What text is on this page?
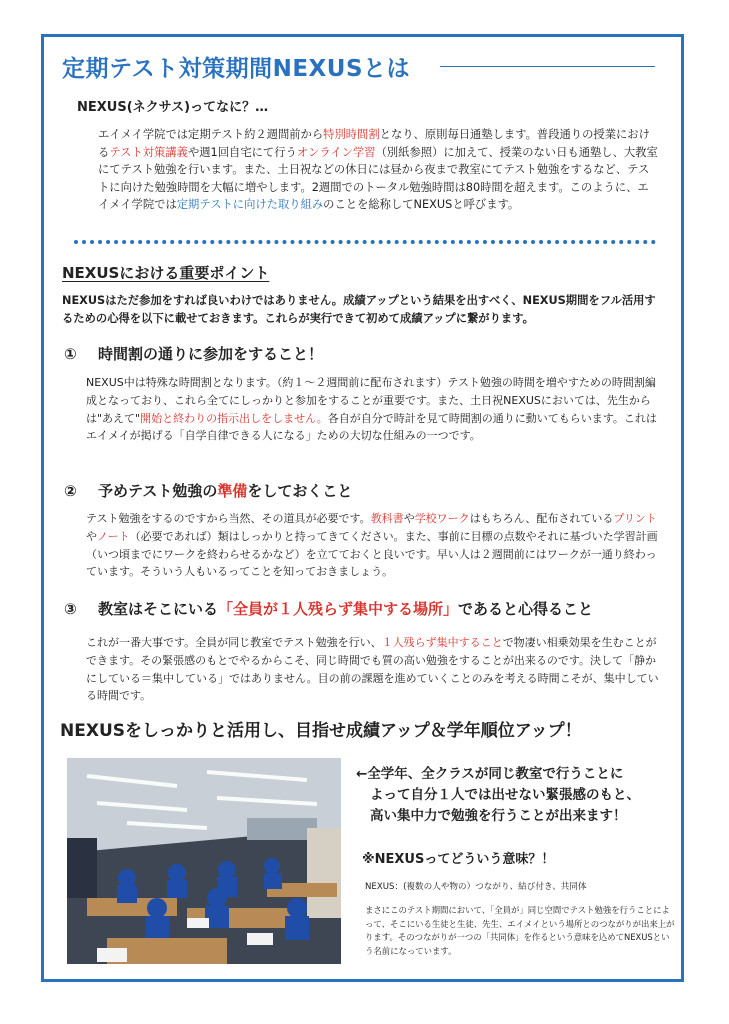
定期テスト対策期間NEXUSとは
NEXUS(ネクサス)ってなに？…
エイメイ学院では定期テスト約２週間前から特別時間割となり、原則毎日通塾します。普段通りの授業におけるテスト対策講義や週1回自宅にて行うオンライン学習（別紙参照）に加えて、授業のない日も通塾し、大教室にてテスト勉強を行います。また、土日祝などの休日には昼から夜まで教室にてテスト勉強をするなど、テストに向けた勉強時間を大幅に増やします。2週間でのトータル勉強時間は80時間を超えます。このように、エイメイ学院では定期テストに向けた取り組みのことを総称してNEXUSと呼びます。
NEXUSにおける重要ポイント
NEXUSはただ参加をすれば良いわけではありません。成績アップという結果を出すべく、NEXUS期間をフル活用するための心得を以下に載せておきます。これらが実行できて初めて成績アップに繋がります。
① 時間割の通りに参加をすること！
NEXUS中は特殊な時間割となります。（約１～２週間前に配布されます）テスト勉強の時間を増やすための時間割編成となっており、これら全てにしっかりと参加をすることが重要です。また、土日祝NEXUSにおいては、先生からは"あえて"開始と終わりの指示出しをしません。各自が自分で時計を見て時間割の通りに動いてもらいます。これはエイメイが掲げる「自学自律できる人になる」ための大切な仕組みの一つです。
② 予めテスト勉強の準備をしておくこと
テスト勉強をするのですから当然、その道具が必要です。教科書や学校ワークはもちろん、配布されているプリントやノート（必要であれば）類はしっかりと持ってきてください。また、事前に目標の点数やそれに基づいた学習計画（いつ頃までにワークを終わらせるかなど）を立てておくと良いです。早い人は２週間前にはワークが一通り終わっています。そういう人もいるってことを知っておきましょう。
③ 教室はそこにいる「全員が１人残らず集中する場所」であると心得ること
これが一番大事です。全員が同じ教室でテスト勉強を行い、１人残らず集中することで物凄い相乗効果を生むことができます。その緊張感のもとでやるからこそ、同じ時間でも質の高い勉強をすることが出来るのです。決して「静かにしている＝集中している」ではありません。目の前の課題を進めていくことのみを考える時間こそが、集中している時間です。
NEXUSをしっかりと活用し、目指せ成績アップ＆学年順位アップ！
←全学年、全クラスが同じ教室で行うことに
よって自分１人では出せない緊張感のもと、
高い集中力で勉強を行うことが出来ます！
※NEXUSってどういう意味？！
NEXUS：(複数の人や物の）つながり、結び付き、共同体
まさにこのテスト期間において、「全員が」同じ空間でテスト勉強を行うことによって、そこにいる生徒と生徒、先生、エイメイという場所とのつながりが出来上がります。そのつながりが一つの「共同体」を作るという意味を込めてNEXUSという名前になっています。
